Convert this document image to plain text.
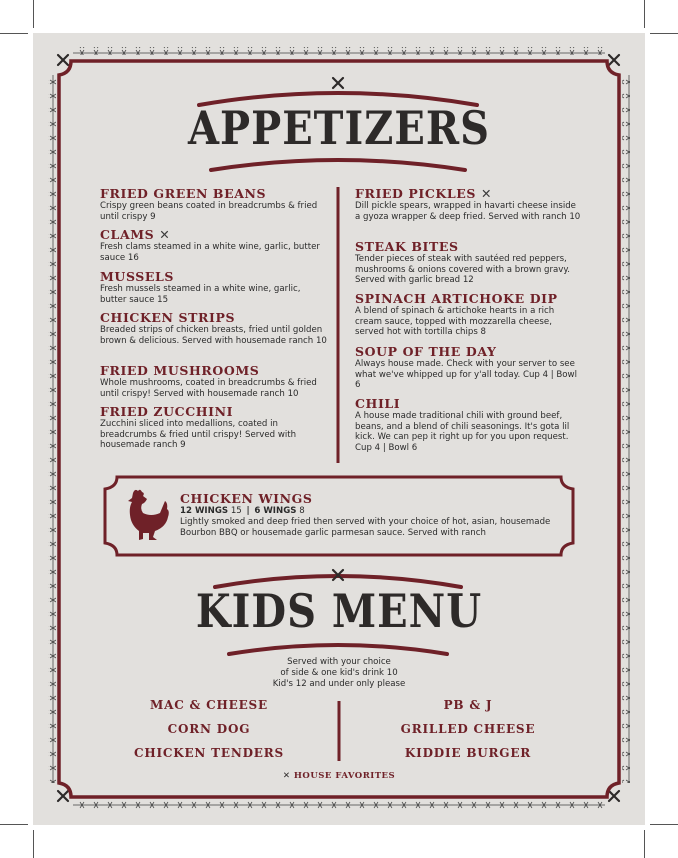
APPETIZERS
FRIED GREEN BEANS

Crispy green beans coated in breadcrumbs & fried until crispy 9

CLAMS ✕

Fresh clams steamed in a white wine, garlic, butter sauce 16

MUSSELS

Fresh mussels steamed in a white wine, garlic, butter sauce 15

CHICKEN STRIPS

Breaded strips of chicken breasts, fried until golden brown & delicious. Served with housemade ranch 10

FRIED MUSHROOMS

Whole mushrooms, coated in breadcrumbs & fried until crispy! Served with housemade ranch 10

FRIED ZUCCHINI

Zucchini sliced into medallions, coated in breadcrumbs & fried until crispy! Served with housemade ranch 9

FRIED PICKLES ✕

Dill pickle spears, wrapped in havarti cheese inside a gyoza wrapper & deep fried. Served with ranch 10

STEAK BITES

Tender pieces of steak with sautéed red peppers, mushrooms & onions covered with a brown gravy. Served with garlic bread 12

SPINACH ARTICHOKE DIP

A blend of spinach & artichoke hearts in a rich cream sauce, topped with mozzarella cheese, served hot with tortilla chips 8

SOUP OF THE DAY

Always house made. Check with your server to see what we've whipped up for y'all today. Cup 4 | Bowl 6

CHILI

A house made traditional chili with ground beef, beans, and a blend of chili seasonings. It's gota lil kick. We can pep it right up for you upon request. Cup 4 | Bowl 6

CHICKEN WINGS
12 WINGS 15 | 6 WINGS 8
Lightly smoked and deep fried then served with your choice of hot, asian, housemade Bourbon BBQ or housemade garlic parmesan sauce. Served with ranch
KIDS MENU
Served with your choice
of side & one kid's drink 10
Kid's 12 and under only please
MAC & CHEESE
CORN DOG
CHICKEN TENDERS
PB & J
GRILLED CHEESE
KIDDIE BURGER
✕ HOUSE FAVORITES
